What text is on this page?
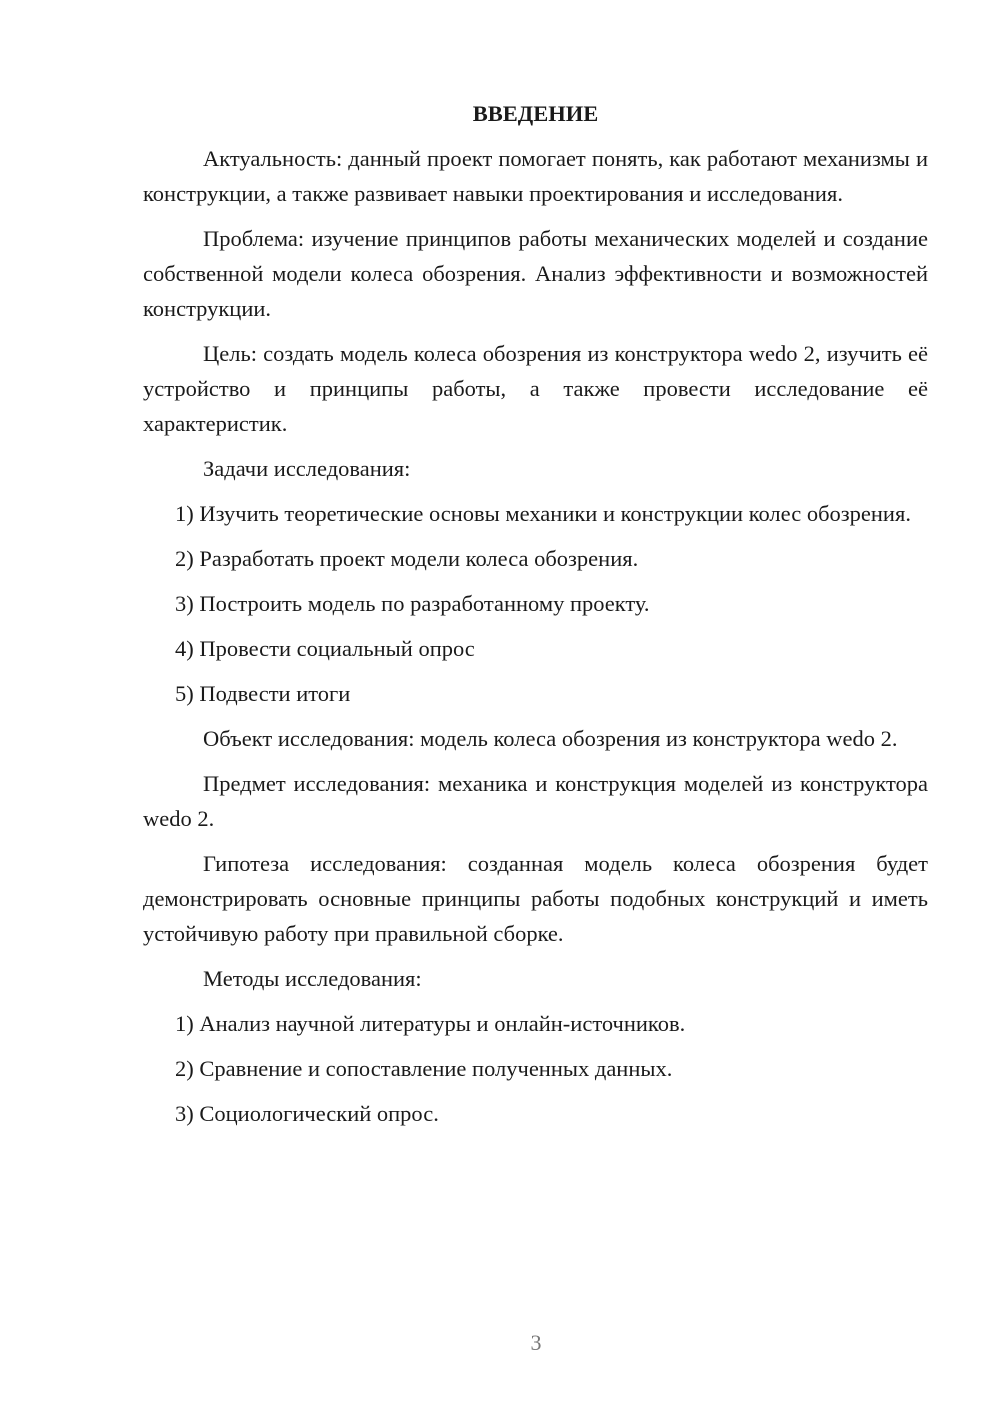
ВВЕДЕНИЕ
Актуальность: данный проект помогает понять, как работают механизмы и конструкции, а также развивает навыки проектирования и исследования.
Проблема: изучение принципов работы механических моделей и создание собственной модели колеса обозрения. Анализ эффективности и возможностей конструкции.
Цель: создать модель колеса обозрения из конструктора wedo 2, изучить её устройство и принципы работы, а также провести исследование её характеристик.
Задачи исследования:
1) Изучить теоретические основы механики и конструкции колес обозрения.
2) Разработать проект модели колеса обозрения.
3) Построить модель по разработанному проекту.
4) Провести социальный опрос
5) Подвести итоги
Объект исследования: модель колеса обозрения из конструктора wedo 2.
Предмет исследования: механика и конструкция моделей из конструктора wedo 2.
Гипотеза исследования: созданная модель колеса обозрения будет демонстрировать основные принципы работы подобных конструкций и иметь устойчивую работу при правильной сборке.
Методы исследования:
1) Анализ научной литературы и онлайн-источников.
2) Сравнение и сопоставление полученных данных.
3) Социологический опрос.
3
